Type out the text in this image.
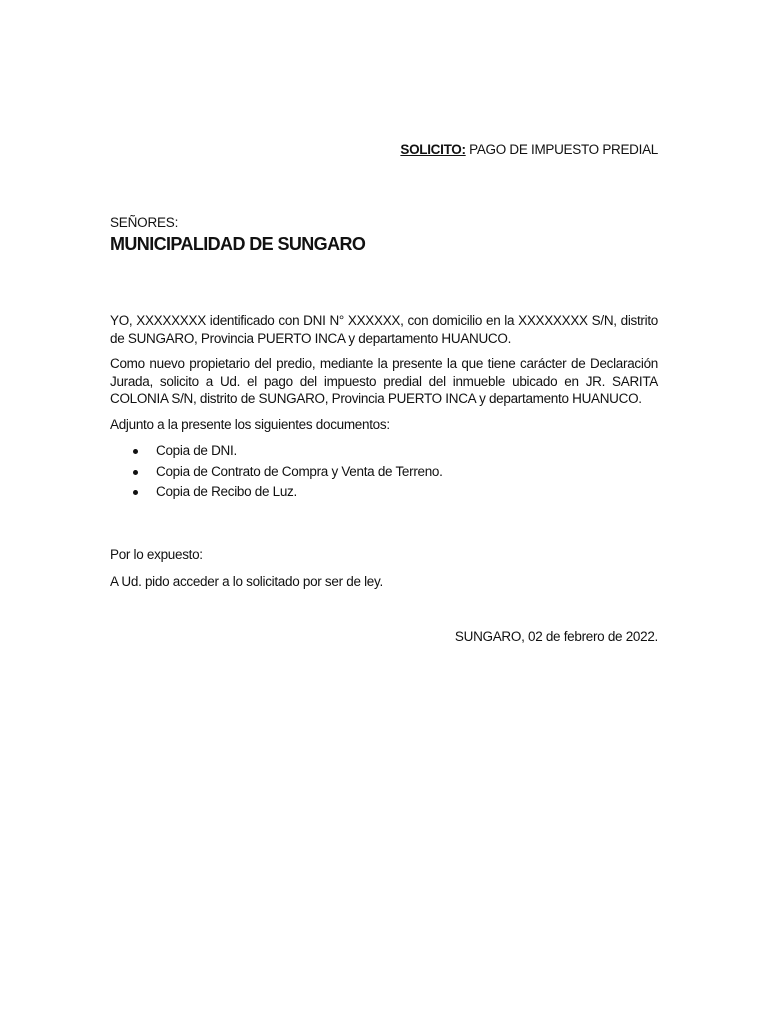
SOLICITO: PAGO DE IMPUESTO PREDIAL
SEÑORES:
MUNICIPALIDAD DE SUNGARO

YO, XXXXXXXX identificado con DNI N° XXXXXX, con domicilio en la XXXXXXXX S/N, distrito de SUNGARO, Provincia PUERTO INCA y departamento HUANUCO.

Como nuevo propietario del predio, mediante la presente la que tiene carácter de Declaración Jurada, solicito a Ud. el pago del impuesto predial del inmueble ubicado en JR. SARITA COLONIA S/N, distrito de SUNGARO, Provincia PUERTO INCA y departamento HUANUCO.

Adjunto a la presente los siguientes documentos:

Copia de DNI.
Copia de Contrato de Compra y Venta de Terreno.
Copia de Recibo de Luz.

Por lo expuesto:

A Ud. pido acceder a lo solicitado por ser de ley.

SUNGARO, 02 de febrero de 2022.
